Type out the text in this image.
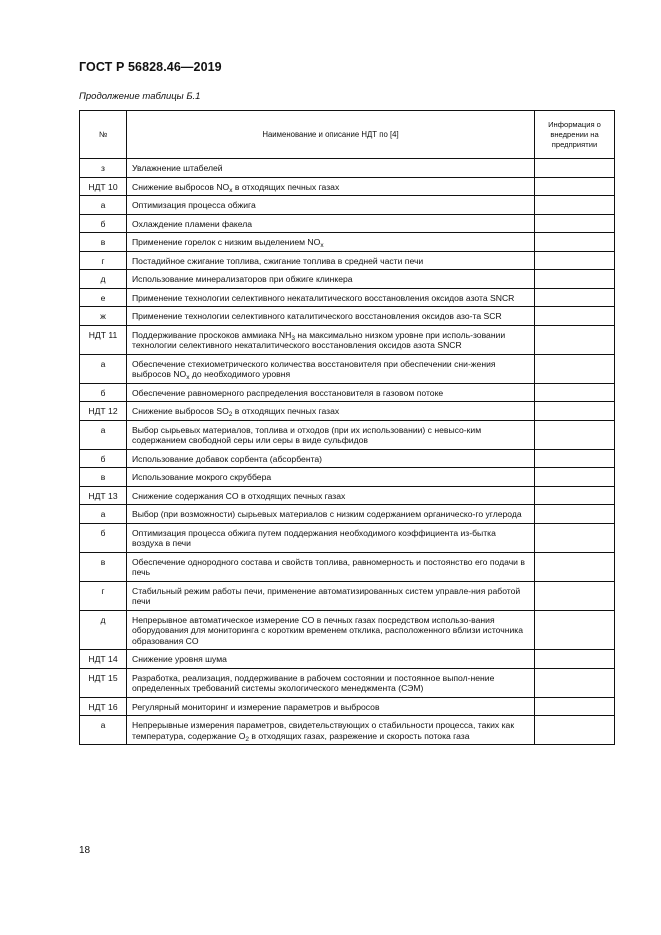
ГОСТ Р 56828.46—2019
Продолжение таблицы Б.1
№	Наименование и описание НДТ по [4]	Информация о внедрении на предприятии
з	Увлажнение штабелей	
НДТ 10	Снижение выбросов $NO_x$ в отходящих печных газах	
а	Оптимизация процесса обжига	
б	Охлаждение пламени факела	
в	Применение горелок с низким выделением $NO_x$	
г	Постадийное сжигание топлива, сжигание топлива в средней части печи	
д	Использование минерализаторов при обжиге клинкера	
е	Применение технологии селективного некаталитического восстановления оксидов азота SNCR	
ж	Применение технологии селективного каталитического восстановления оксидов азо-та SCR	
НДТ 11	Поддерживание проскоков аммиака $NH_3$ на максимально низком уровне при исполь-зовании технологии селективного некаталитического восстановления оксидов азота SNCR	
а	Обеспечение стехиометрического количества восстановителя при обеспечении сни-жения выбросов $NO_x$ до необходимого уровня	
б	Обеспечение равномерного распределения восстановителя в газовом потоке	
НДТ 12	Снижение выбросов $SO_2$ в отходящих печных газах	
а	Выбор сырьевых материалов, топлива и отходов (при их использовании) с невысо-ким содержанием свободной серы или серы в виде сульфидов	
б	Использование добавок сорбента (абсорбента)	
в	Использование мокрого скруббера	
НДТ 13	Снижение содержания CO в отходящих печных газах	
а	Выбор (при возможности) сырьевых материалов с низким содержанием органическо-го углерода	
б	Оптимизация процесса обжига путем поддержания необходимого коэффициента из-бытка воздуха в печи	
в	Обеспечение однородного состава и свойств топлива, равномерность и постоянство его подачи в печь	
г	Стабильный режим работы печи, применение автоматизированных систем управле-ния работой печи	
д	Непрерывное автоматическое измерение CO в печных газах посредством использо-вания оборудования для мониторинга с коротким временем отклика, расположенного вблизи источника образования CO	
НДТ 14	Снижение уровня шума	
НДТ 15	Разработка, реализация, поддерживание в рабочем состоянии и постоянное выпол-нение определенных требований системы экологического менеджмента (СЭМ)	
НДТ 16	Регулярный мониторинг и измерение параметров и выбросов	
а	Непрерывные измерения параметров, свидетельствующих о стабильности процесса, таких как температура, содержание $O_2$ в отходящих газах, разрежение и скорость потока газа	
18
